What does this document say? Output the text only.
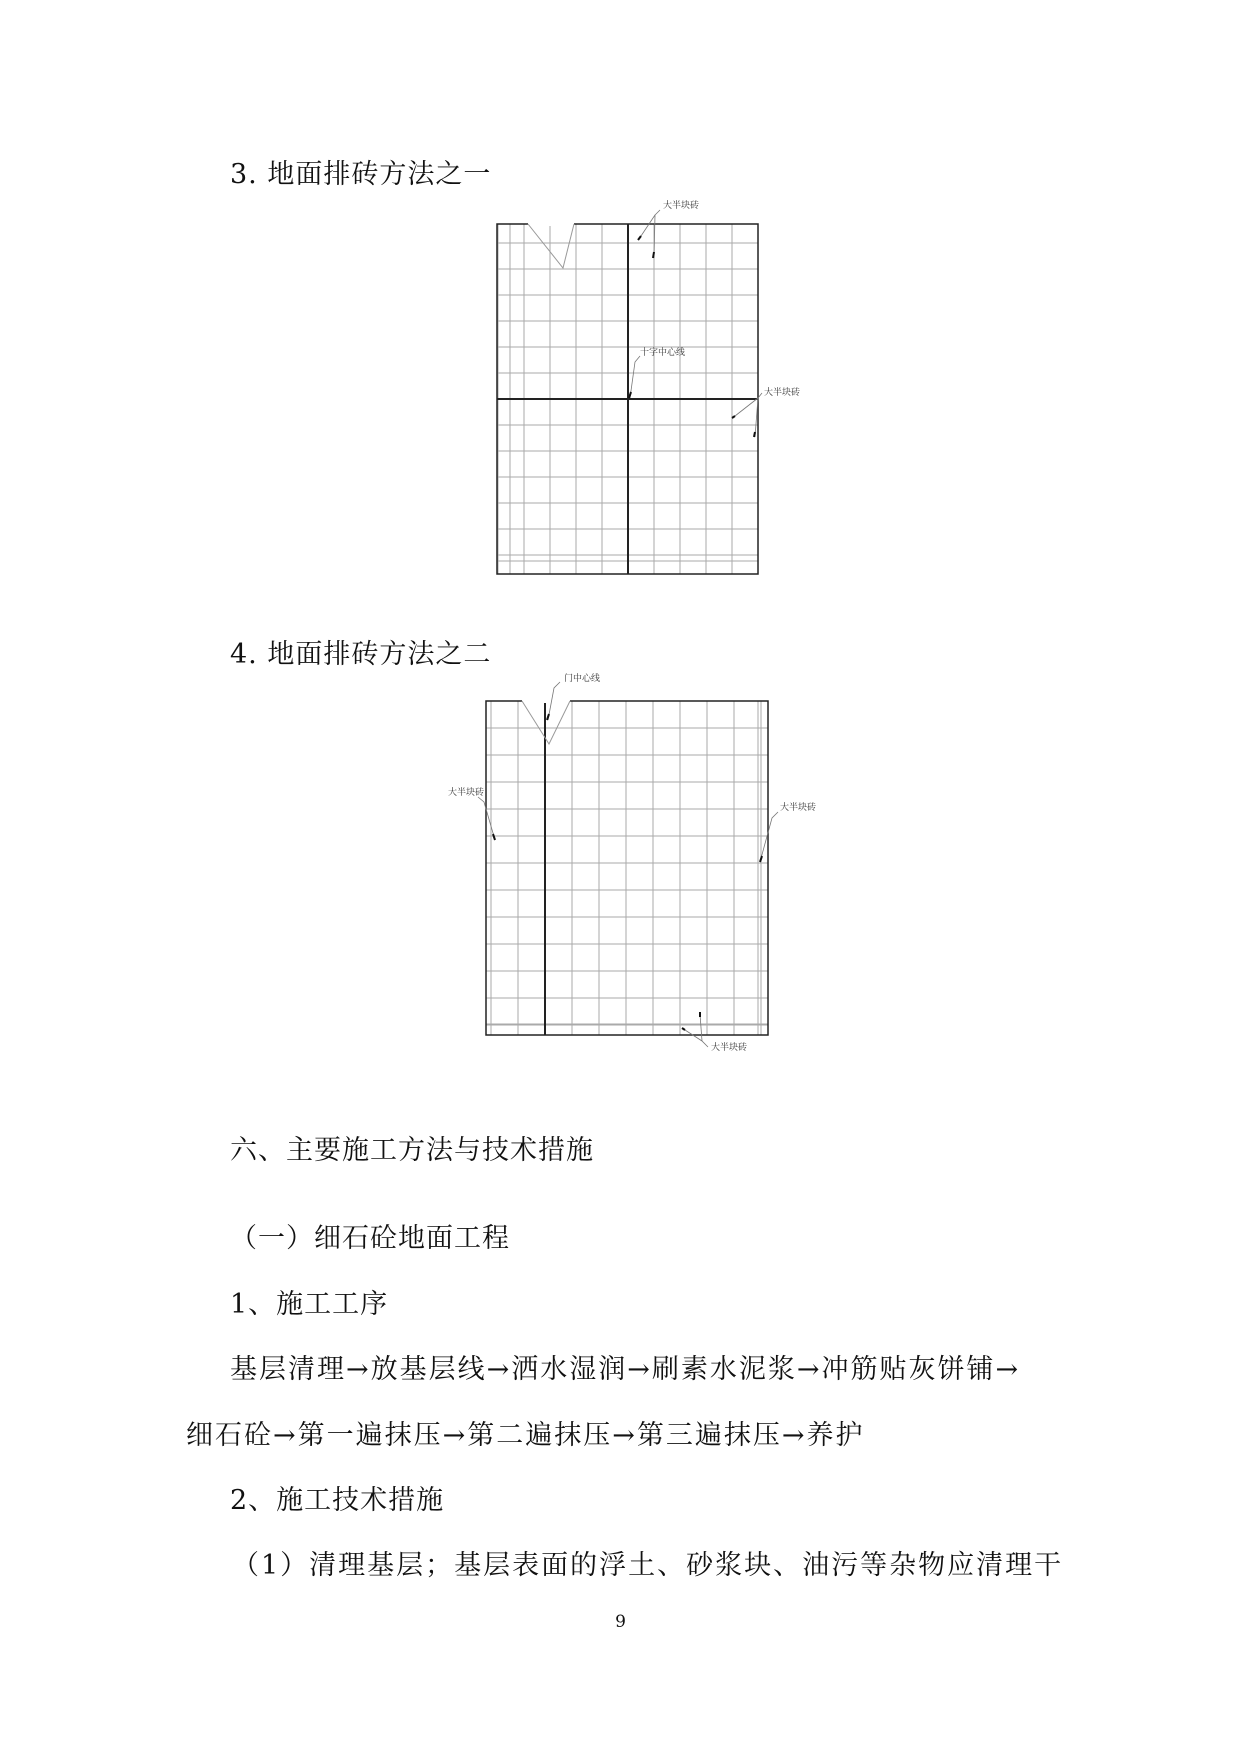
3. 地面排砖方法之一
大半块砖
十字中心线
大半块砖
4. 地面排砖方法之二
门中心线
大半块砖
大半块砖
大半块砖
六、主要施工方法与技术措施
（一）细石砼地面工程
1、施工工序
基层清理→放基层线→洒水湿润→刷素水泥浆→冲筋贴灰饼铺→
细石砼→第一遍抹压→第二遍抹压→第三遍抹压→养护
2、施工技术措施
（1）清理基层；基层表面的浮土、砂浆块、油污等杂物应清理干
9
